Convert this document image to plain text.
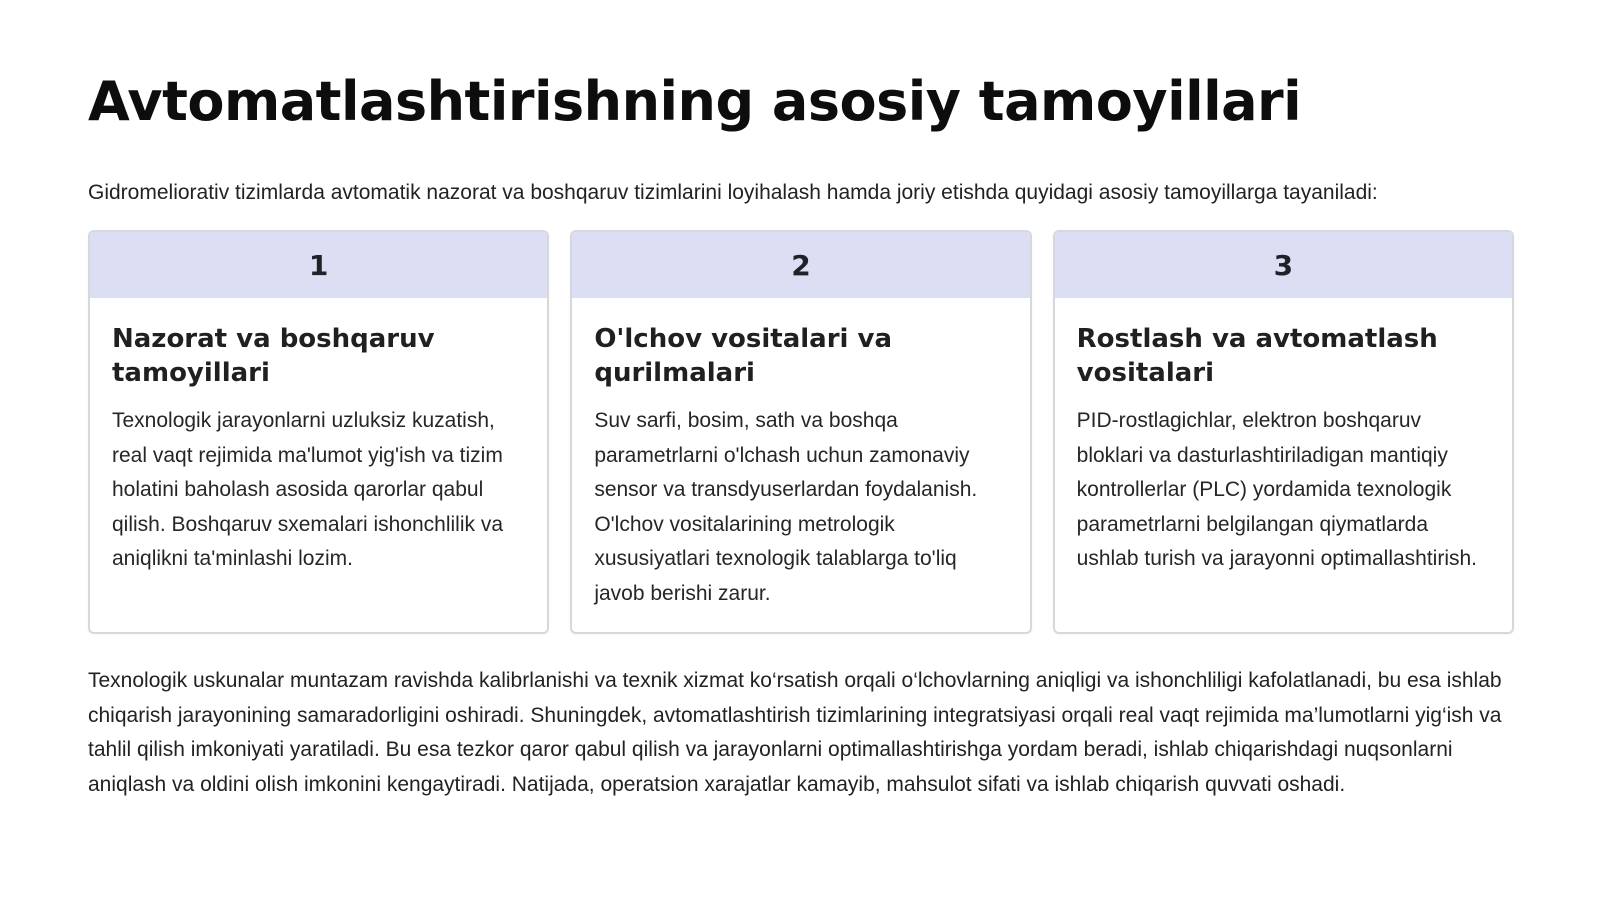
Avtomatlashtirishning asosiy tamoyillari
Gidromeliorativ tizimlarda avtomatik nazorat va boshqaruv tizimlarini loyihalash hamda joriy etishda quyidagi asosiy tamoyillarga tayaniladi:
1
Nazorat va boshqaruv tamoyillari

Texnologik jarayonlarni uzluksiz kuzatish, real vaqt rejimida ma'lumot yig'ish va tizim holatini baholash asosida qarorlar qabul qilish. Boshqaruv sxemalari ishonchlilik va aniqlikni ta'minlashi lozim.

2
O'lchov vositalari va qurilmalari

Suv sarfi, bosim, sath va boshqa parametrlarni o'lchash uchun zamonaviy sensor va transdyuserlardan foydalanish. O'lchov vositalarining metrologik xususiyatlari texnologik talablarga to'liq javob berishi zarur.

3
Rostlash va avtomatlash vositalari

PID-rostlagichlar, elektron boshqaruv bloklari va dasturlashtiriladigan mantiqiy kontrollerlar (PLC) yordamida texnologik parametrlarni belgilangan qiymatlarda ushlab turish va jarayonni optimallashtirish.

Texnologik uskunalar muntazam ravishda kalibrlanishi va texnik xizmat ko‘rsatish orqali o‘lchovlarning aniqligi va ishonchliligi kafolatlanadi, bu esa ishlab chiqarish jarayonining samaradorligini oshiradi. Shuningdek, avtomatlashtirish tizimlarining integratsiyasi orqali real vaqt rejimida ma’lumotlarni yig‘ish va tahlil qilish imkoniyati yaratiladi. Bu esa tezkor qaror qabul qilish va jarayonlarni optimallashtirishga yordam beradi, ishlab chiqarishdagi nuqsonlarni aniqlash va oldini olish imkonini kengaytiradi. Natijada, operatsion xarajatlar kamayib, mahsulot sifati va ishlab chiqarish quvvati oshadi.
